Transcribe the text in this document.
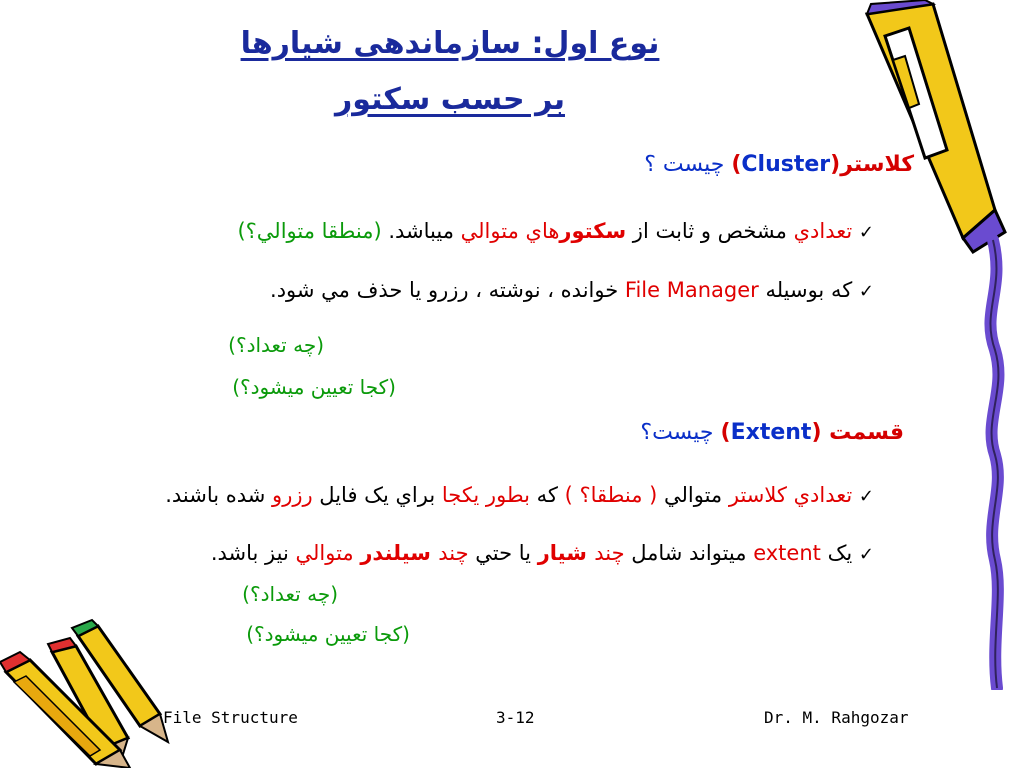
نوع اول: سازماندهی شیارها
بر حسب سکتور
كلاستر(Cluster) چيست ؟
✓ تعدادي مشخص و ثابت از سکتورهاي متوالي ميباشد. (منطقا متوالي؟)
✓ كه بوسيله File Manager خوانده ، نوشته ، رزرو يا حذف مي شود.
(چه تعداد؟)
(كجا تعيين ميشود؟)
قسمت (Extent) چيست؟
✓ تعدادي كلاستر متوالي ( منطقا؟ ) كه بطور يكجا براي يک فايل رزرو شده باشند.
✓ يک extent ميتواند شامل چند شيار يا حتي چند سيلندر متوالي نيز باشد.
(چه تعداد؟)
(كجا تعيين ميشود؟)
File Structure	3-12	Dr. M. Rahgozar
